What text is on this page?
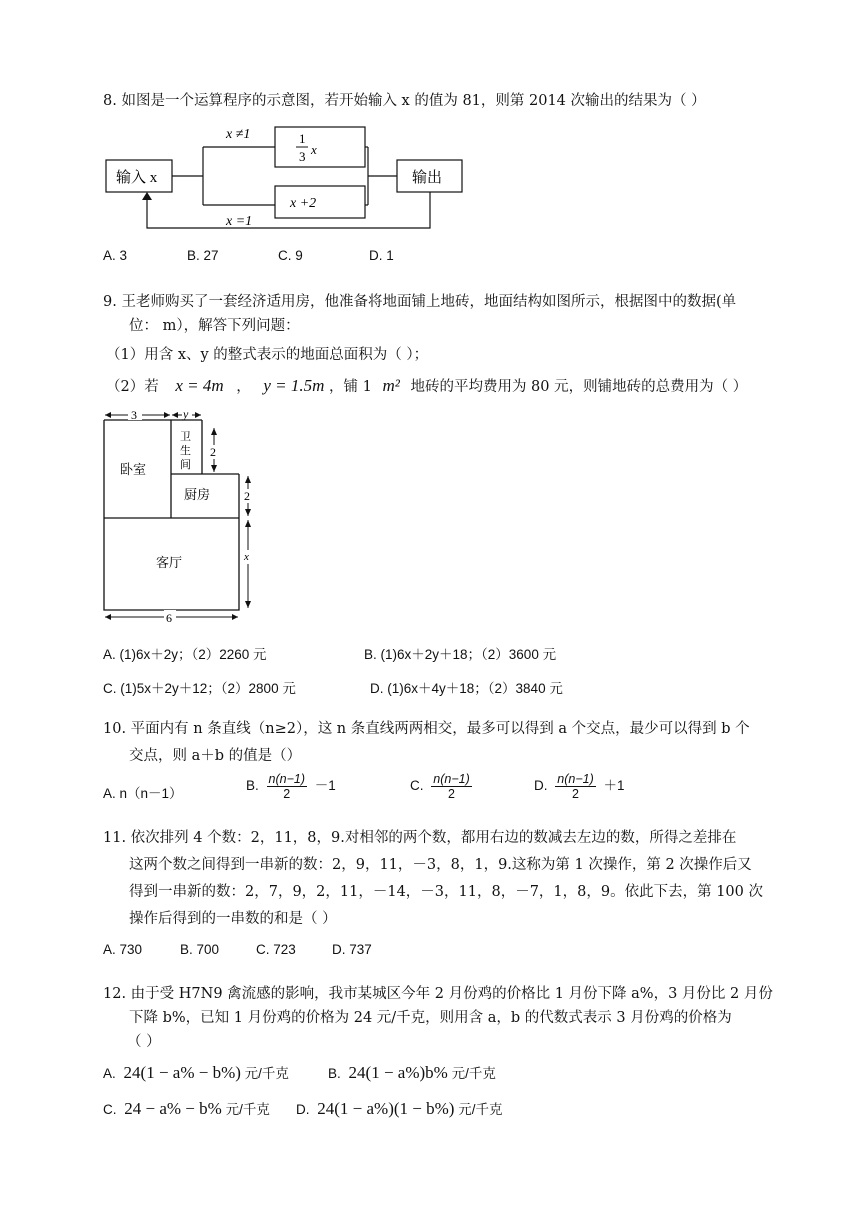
8. 如图是一个运算程序的示意图，若开始输入 x 的值为 81，则第 2014 次输出的结果为（ ）
输入 x
x ≠1
x =1
1
3 x
x +2
输出
A. 3	B. 27	C. 9	D. 1
9. 王老师购买了一套经济适用房，他准备将地面铺上地砖，地面结构如图所示，根据图中的数据(单
位： m），解答下列问题：
（1）用含 x、y 的整式表示的地面总面积为（ ）；
（2）若 x = 4m ， y = 1.5m ，铺 1 m² 地砖的平均费用为 80 元，则铺地砖的总费用为（ ）
卧室
卫
生
间
厨房
客厅
3	y
2
2
x
6
A. (1)6x＋2y；（2）2260 元	B. (1)6x＋2y＋18；（2）3600 元
C. (1)5x＋2y＋12；（2）2800 元	D. (1)6x＋4y＋18；（2）3840 元
10. 平面内有 n 条直线（n≥2），这 n 条直线两两相交，最多可以得到 a 个交点，最少可以得到 b 个
交点，则 a＋b 的值是（）
A. n（n－1）
B. $\frac{n(n-1)}{2} -1$	C. $\frac{n(n-1)}{2}$	D. $\frac{n(n-1)}{2} +1$
11. 依次排列 4 个数：2，11，8，9.对相邻的两个数，都用右边的数减去左边的数，所得之差排在
这两个数之间得到一串新的数：2，9，11，－3，8，1，9.这称为第 1 次操作，第 2 次操作后又
得到一串新的数：2，7，9，2，11，－14，－3，11，8，－7，1，8，9。依此下去，第 100 次
操作后得到的一串数的和是（ ）
A. 730	B. 700	C. 723	D. 737
12. 由于受 H7N9 禽流感的影响，我市某城区今年 2 月份鸡的价格比 1 月份下降 a%，3 月份比 2 月份
下降 b%，已知 1 月份鸡的价格为 24 元/千克，则用含 a，b 的代数式表示 3 月份鸡的价格为
（ ）
A. 24(1 − a% − b%) 元/千克	B. 24(1 − a%)b% 元/千克
C. 24 − a% − b% 元/千克 D. 24(1 − a%)(1 − b%) 元/千克
